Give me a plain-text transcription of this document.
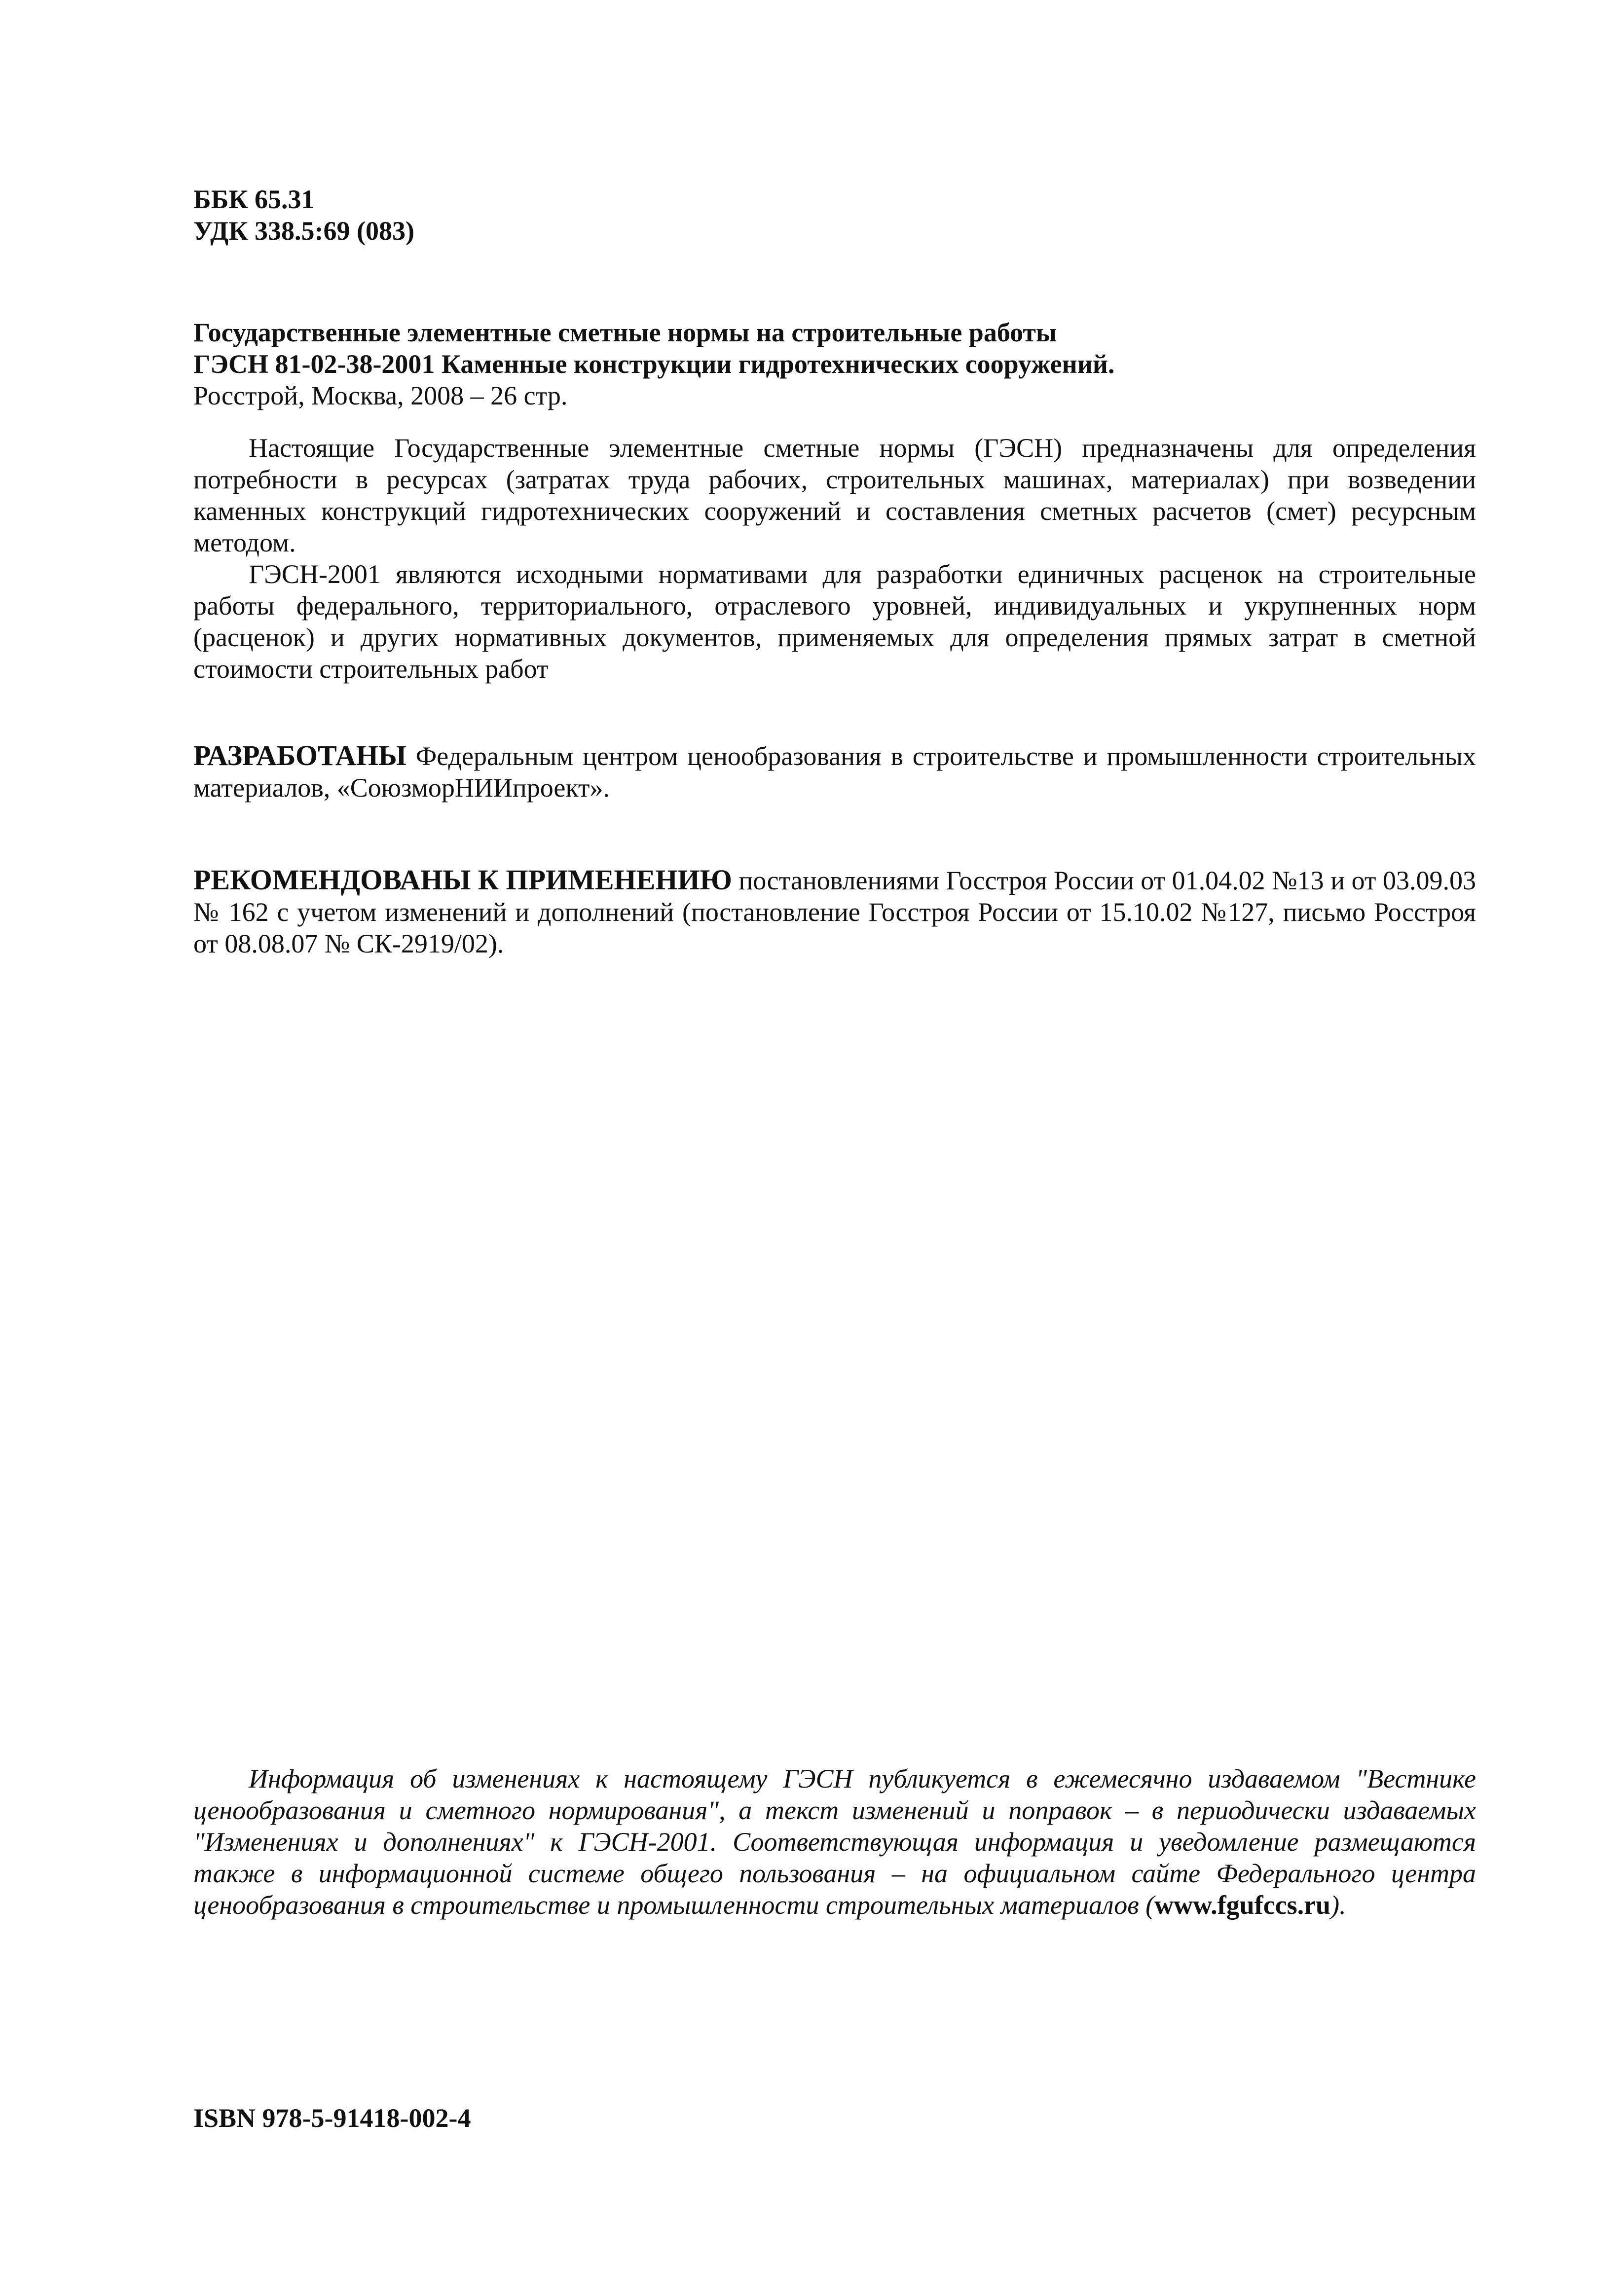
ББК 65.31
УДК 338.5:69 (083)
Государственные элементные сметные нормы на строительные работы
ГЭСН 81-02-38-2001 Каменные конструкции гидротехнических сооружений.
Росстрой, Москва, 2008 – 26 стр.

Настоящие Государственные элементные сметные нормы (ГЭСН) предназначены для определения потребности в ресурсах (затратах труда рабочих, строительных машинах, материалах) при возведении каменных конструкций гидротехнических сооружений и составления сметных расчетов (смет) ресурсным методом.

ГЭСН-2001 являются исходными нормативами для разработки единичных расценок на строительные работы федерального, территориального, отраслевого уровней, индивидуальных и укрупненных норм (расценок) и других нормативных документов, применяемых для определения прямых затрат в сметной стоимости строительных работ

РАЗРАБОТАНЫ Федеральным центром ценообразования в строительстве и промышленности строительных материалов, «СоюзморНИИпроект».
РЕКОМЕНДОВАНЫ К ПРИМЕНЕНИЮ постановлениями Госстроя России от 01.04.02 №13 и от 03.09.03 № 162 с учетом изменений и дополнений (постановление Госстроя России от 15.10.02 №127, письмо Росстроя от 08.08.07 № СК-2919/02).
Информация об изменениях к настоящему ГЭСН публикуется в ежемесячно издаваемом "Вестнике ценообразования и сметного нормирования", а текст изменений и поправок – в периодически издаваемых "Изменениях и дополнениях" к ГЭСН-2001. Соответствующая информация и уведомление размещаются также в информационной системе общего пользования – на официальном сайте Федерального центра ценообразования в строительстве и промышленности строительных материалов (www.fgufccs.ru).
ISBN 978-5-91418-002-4
